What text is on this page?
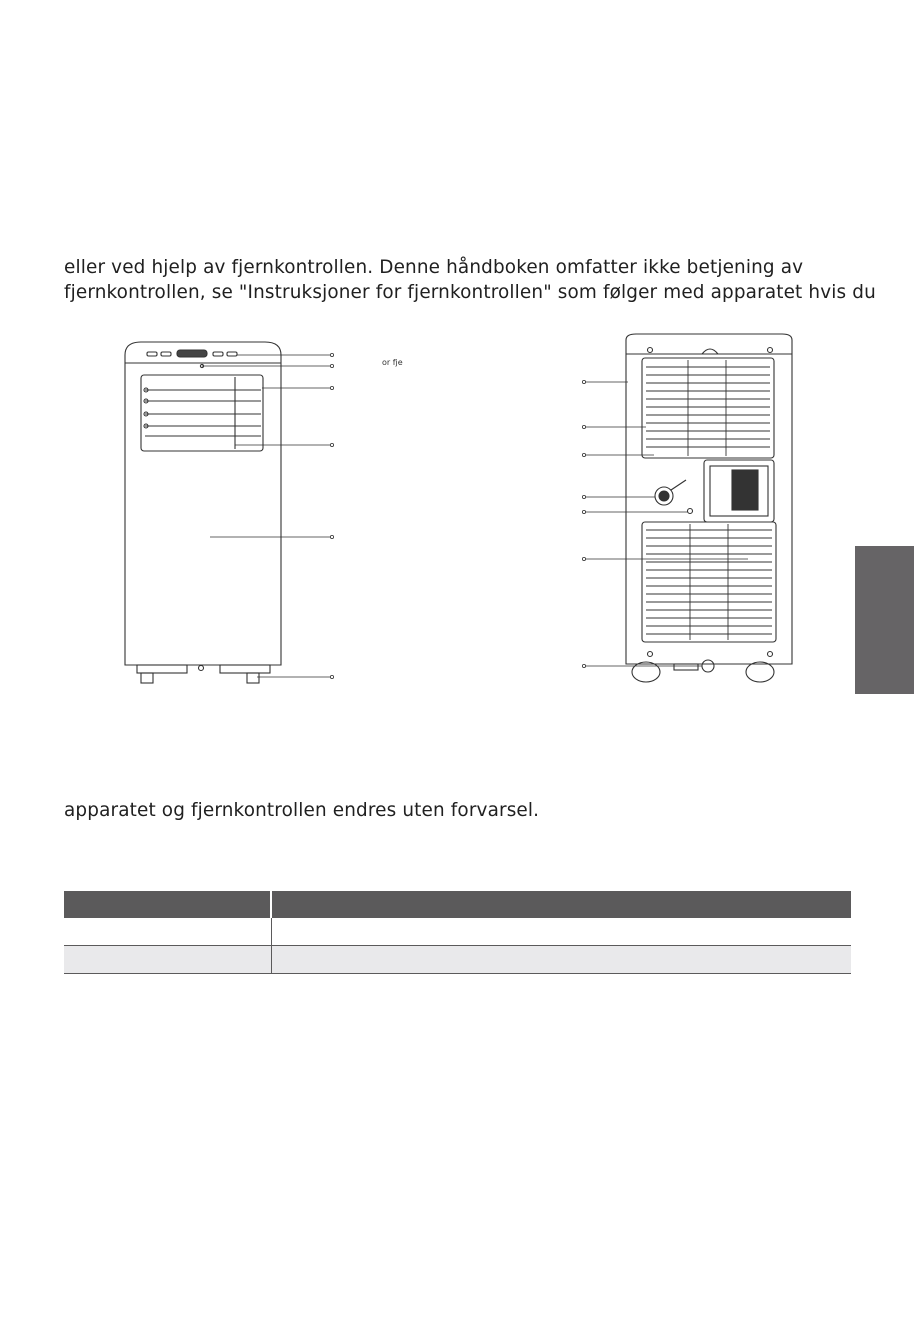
eller ved hjelp av fjernkontrollen. Denne håndboken omfatter ikke betjening av

fjernkontrollen, se "Instruksjoner for fjernkontrollen" som følger med apparatet hvis du

or fje

apparatet og fjernkontrollen endres uten forvarsel.
